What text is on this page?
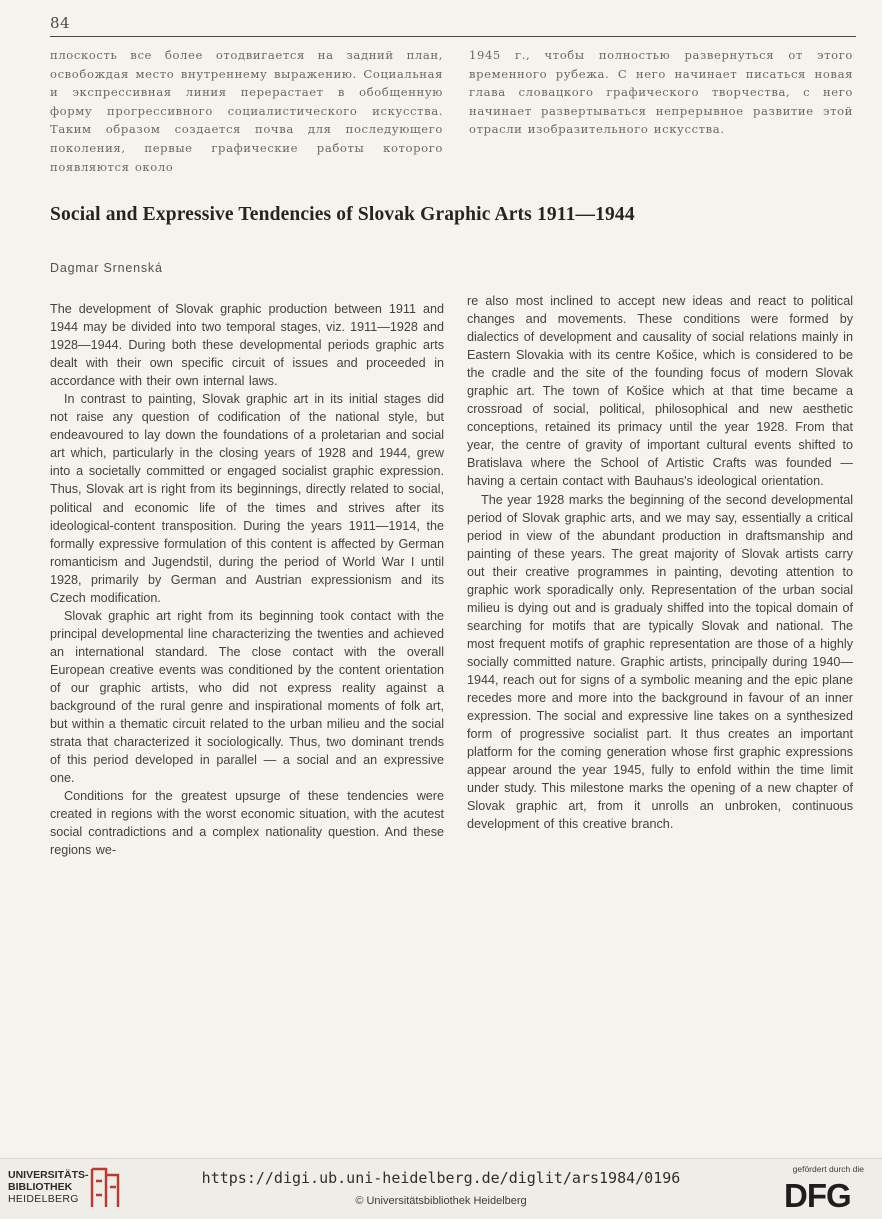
84
плоскость все более отодвигается на задний план, освобождая место внутреннему выражению. Социальная и экспрессивная линия перерастает в обобщенную форму прогрессивного социалистического искусства. Таким образом создается почва для последующего поколения, первые графические работы которого появляются около
1945 г., чтобы полностью развернуться от этого временного рубежа. С него начинает писаться новая глава словацкого графического творчества, с него начинает развертываться непрерывное развитие этой отрасли изобразительного искусства.
Social and Expressive Tendencies of Slovak Graphic Arts 1911—1944
Dagmar Srnenská

The development of Slovak graphic production between 1911 and 1944 may be divided into two temporal stages, viz. 1911—1928 and 1928—1944. During both these developmental periods graphic arts dealt with their own specific circuit of issues and proceeded in accordance with their own internal laws.

In contrast to painting, Slovak graphic art in its initial stages did not raise any question of codification of the national style, but endeavoured to lay down the foundations of a proletarian and social art which, particularly in the closing years of 1928 and 1944, grew into a societally committed or engaged socialist graphic expression. Thus, Slovak art is right from its beginnings, directly related to social, political and economic life of the times and strives after its ideological-content transposition. During the years 1911—1914, the formally expressive formulation of this content is affected by German romanticism and Jugendstil, during the period of World War I until 1928, primarily by German and Austrian expressionism and its Czech modification.

Slovak graphic art right from its beginning took contact with the principal developmental line characterizing the twenties and achieved an international standard. The close contact with the overall European creative events was conditioned by the content orientation of our graphic artists, who did not express reality against a background of the rural genre and inspirational moments of folk art, but within a thematic circuit related to the urban milieu and the social strata that characterized it sociologically. Thus, two dominant trends of this period developed in parallel — a social and an expressive one.

Conditions for the greatest upsurge of these tendencies were created in regions with the worst economic situation, with the acutest social contradictions and a complex nationality question. And these regions we-

re also most inclined to accept new ideas and react to political changes and movements. These conditions were formed by dialectics of development and causality of social relations mainly in Eastern Slovakia with its centre Košice, which is considered to be the cradle and the site of the founding focus of modern Slovak graphic art. The town of Košice which at that time became a crossroad of social, political, philosophical and new aesthetic conceptions, retained its primacy until the year 1928. From that year, the centre of gravity of important cultural events shifted to Bratislava where the School of Artistic Crafts was founded — having a certain contact with Bauhaus's ideological orientation.

The year 1928 marks the beginning of the second developmental period of Slovak graphic arts, and we may say, essentially a critical period in view of the abundant production in draftsmanship and painting of these years. The great majority of Slovak artists carry out their creative programmes in painting, devoting attention to graphic work sporadically only. Representation of the urban social milieu is dying out and is gradualy shiffed into the topical domain of searching for motifs that are typically Slovak and national. The most frequent motifs of graphic representation are those of a highly socially committed nature. Graphic artists, principally during 1940—1944, reach out for signs of a symbolic meaning and the epic plane recedes more and more into the background in favour of an inner expression. The social and expressive line takes on a synthesized form of progressive socialist part. It thus creates an important platform for the coming generation whose first graphic expressions appear around the year 1945, fully to enfold within the time limit under study. This milestone marks the opening of a new chapter of Slovak graphic art, from it unrolls an unbroken, continuous development of this creative branch.

UNIVERSITÄTS-
BIBLIOTHEK
HEIDELBERG
https://digi.ub.uni-heidelberg.de/diglit/ars1984/0196
© Universitätsbibliothek Heidelberg
gefördert durch die
DFG
